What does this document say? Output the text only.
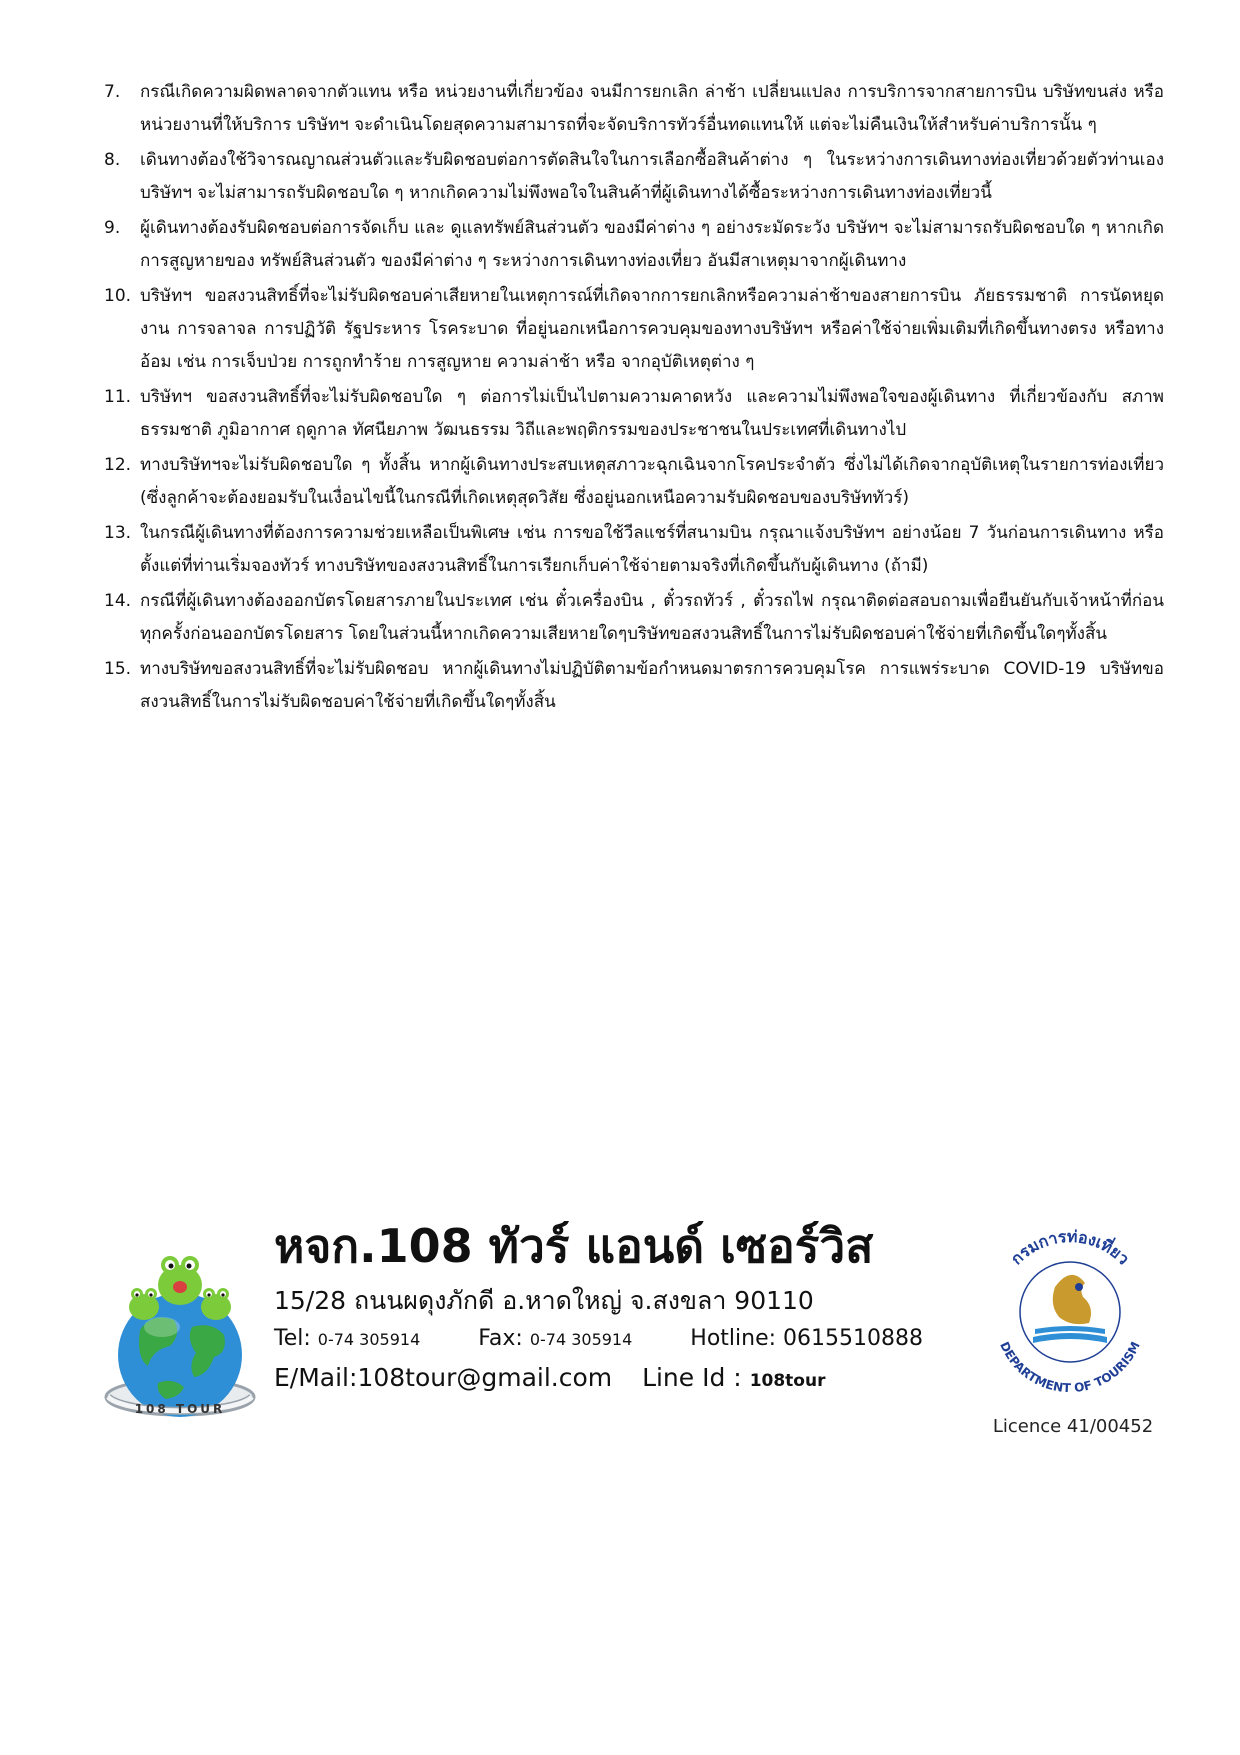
7.	กรณีเกิดความผิดพลาดจากตัวแทน หรือ หน่วยงานที่เกี่ยวข้อง จนมีการยกเลิก ล่าช้า เปลี่ยนแปลง การบริการจากสายการบิน บริษัทขนส่ง หรือ หน่วยงานที่ให้บริการ บริษัทฯ จะดำเนินโดยสุดความสามารถที่จะจัดบริการทัวร์อื่นทดแทนให้ แต่จะไม่คืนเงินให้สำหรับค่าบริการนั้น ๆ
8.	เดินทางต้องใช้วิจารณญาณส่วนตัวและรับผิดชอบต่อการตัดสินใจในการเลือกซื้อสินค้าต่าง ๆ ในระหว่างการเดินทางท่องเที่ยวด้วยตัวท่านเอง บริษัทฯ จะไม่สามารถรับผิดชอบใด ๆ หากเกิดความไม่พึงพอใจในสินค้าที่ผู้เดินทางได้ซื้อระหว่างการเดินทางท่องเที่ยวนี้
9.	ผู้เดินทางต้องรับผิดชอบต่อการจัดเก็บ และ ดูแลทรัพย์สินส่วนตัว ของมีค่าต่าง ๆ อย่างระมัดระวัง บริษัทฯ จะไม่สามารถรับผิดชอบใด ๆ หากเกิดการสูญหายของ ทรัพย์สินส่วนตัว ของมีค่าต่าง ๆ ระหว่างการเดินทางท่องเที่ยว อันมีสาเหตุมาจากผู้เดินทาง
10. บริษัทฯ ขอสงวนสิทธิ์ที่จะไม่รับผิดชอบค่าเสียหายในเหตุการณ์ที่เกิดจากการยกเลิกหรือความล่าช้าของสายการบิน ภัยธรรมชาติ การนัดหยุดงาน การจลาจล การปฏิวัติ รัฐประหาร โรคระบาด ที่อยู่นอกเหนือการควบคุมของทางบริษัทฯ หรือค่าใช้จ่ายเพิ่มเติมที่เกิดขึ้นทางตรง หรือทางอ้อม เช่น การเจ็บป่วย การถูกทำร้าย การสูญหาย ความล่าช้า หรือ จากอุบัติเหตุต่าง ๆ
11. บริษัทฯ ขอสงวนสิทธิ์ที่จะไม่รับผิดชอบใด ๆ ต่อการไม่เป็นไปตามความคาดหวัง และความไม่พึงพอใจของผู้เดินทาง ที่เกี่ยวข้องกับ สภาพธรรมชาติ ภูมิอากาศ ฤดูกาล ทัศนียภาพ วัฒนธรรม วิถีและพฤติกรรมของประชาชนในประเทศที่เดินทางไป
12. ทางบริษัทฯจะไม่รับผิดชอบใด ๆ ทั้งสิ้น หากผู้เดินทางประสบเหตุสภาวะฉุกเฉินจากโรคประจำตัว ซึ่งไม่ได้เกิดจากอุบัติเหตุในรายการท่องเที่ยว (ซึ่งลูกค้าจะต้องยอมรับในเงื่อนไขนี้ในกรณีที่เกิดเหตุสุดวิสัย ซึ่งอยู่นอกเหนือความรับผิดชอบของบริษัททัวร์)
13. ในกรณีผู้เดินทางที่ต้องการความช่วยเหลือเป็นพิเศษ เช่น การขอใช้วีลแชร์ที่สนามบิน กรุณาแจ้งบริษัทฯ อย่างน้อย 7 วันก่อนการเดินทาง หรือตั้งแต่ที่ท่านเริ่มจองทัวร์ ทางบริษัทของสงวนสิทธิ์ในการเรียกเก็บค่าใช้จ่ายตามจริงที่เกิดขึ้นกับผู้เดินทาง (ถ้ามี)
14. กรณีที่ผู้เดินทางต้องออกบัตรโดยสารภายในประเทศ เช่น ตั๋วเครื่องบิน , ตั๋วรถทัวร์ , ตั๋วรถไฟ กรุณาติดต่อสอบถามเพื่อยืนยันกับเจ้าหน้าที่ก่อนทุกครั้งก่อนออกบัตรโดยสาร โดยในส่วนนี้หากเกิดความเสียหายใดๆบริษัทขอสงวนสิทธิ์ในการไม่รับผิดชอบค่าใช้จ่ายที่เกิดขึ้นใดๆทั้งสิ้น
15. ทางบริษัทขอสงวนสิทธิ์ที่จะไม่รับผิดชอบ หากผู้เดินทางไม่ปฏิบัติตามข้อกำหนดมาตรการควบคุมโรค การแพร่ระบาด COVID-19 บริษัทขอสงวนสิทธิ์ในการไม่รับผิดชอบค่าใช้จ่ายที่เกิดขึ้นใดๆทั้งสิ้น
108 TOUR
หจก.108 ทัวร์ แอนด์ เซอร์วิส
15/28 ถนนผดุงภักดี อ.หาดใหญ่ จ.สงขลา 90110
Tel: 0-74 305914	Fax: 0-74 305914	Hotline: 0615510888
E/Mail:108tour@gmail.com Line Id : 108tour
กรมการท่องเที่ยว
DEPARTMENT OF TOURISM
Licence 41/00452
